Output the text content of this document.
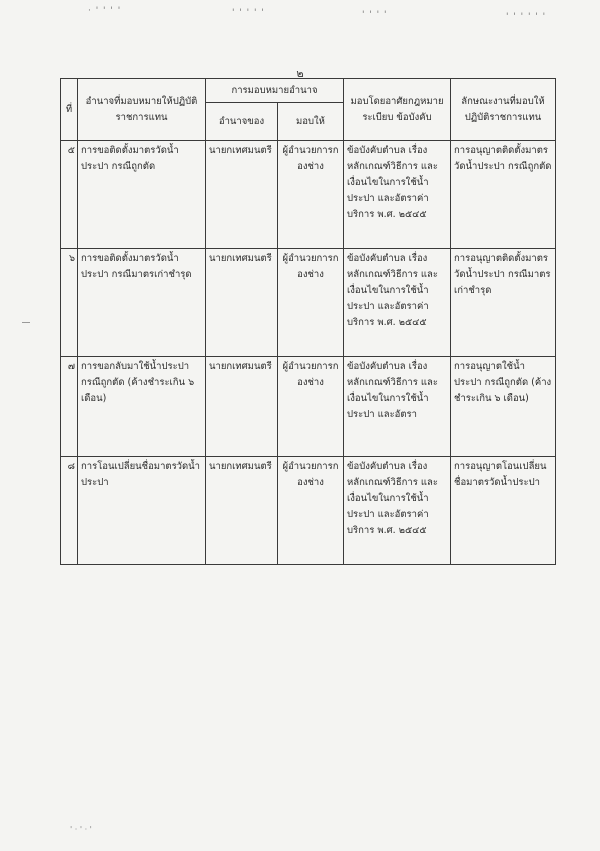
· ' ' ' '	' ' ' ' '	' ' ' '	' ' ' ' ' '
๒
ที่	อำนาจที่มอบหมายให้ปฏิบัติราชการแทน	การมอบหมายอำนาจ		มอบโดยอาศัยกฎหมาย ระเบียบ ข้อบังคับ	ลักษณะงานที่มอบให้ปฏิบัติราชการแทน
		อำนาจของ	มอบให้		
๕	การขอติดตั้งมาตรวัดน้ำประปา กรณีถูกตัด	นายกเทศมนตรี	ผู้อำนวยการกองช่าง	ข้อบังคับตำบล เรื่อง หลักเกณฑ์วิธีการ และเงื่อนไขในการใช้น้ำประปา และอัตราค่าบริการ พ.ศ. ๒๕๔๕	การอนุญาตติดตั้งมาตรวัดน้ำประปา กรณีถูกตัด
๖	การขอติดตั้งมาตรวัดน้ำประปา กรณีมาตรเก่าชำรุด	นายกเทศมนตรี	ผู้อำนวยการกองช่าง	ข้อบังคับตำบล เรื่อง หลักเกณฑ์วิธีการ และเงื่อนไขในการใช้น้ำประปา และอัตราค่าบริการ พ.ศ. ๒๕๔๕	การอนุญาตติดตั้งมาตรวัดน้ำประปา กรณีมาตรเก่าชำรุด
๗	การขอกลับมาใช้น้ำประปา กรณีถูกตัด (ค้างชำระเกิน ๖ เดือน)	นายกเทศมนตรี	ผู้อำนวยการกองช่าง	ข้อบังคับตำบล เรื่อง หลักเกณฑ์วิธีการ และเงื่อนไขในการใช้น้ำประปา และอัตรา	การอนุญาตใช้น้ำประปา กรณีถูกตัด (ค้างชำระเกิน ๖ เดือน)
๘	การโอนเปลี่ยนชื่อมาตรวัดน้ำประปา	นายกเทศมนตรี	ผู้อำนวยการกองช่าง	ข้อบังคับตำบล เรื่อง หลักเกณฑ์วิธีการ และเงื่อนไขในการใช้น้ำประปา และอัตราค่าบริการ พ.ศ. ๒๕๔๕	การอนุญาตโอนเปลี่ยนชื่อมาตรวัดน้ำประปา
' · ' · '
